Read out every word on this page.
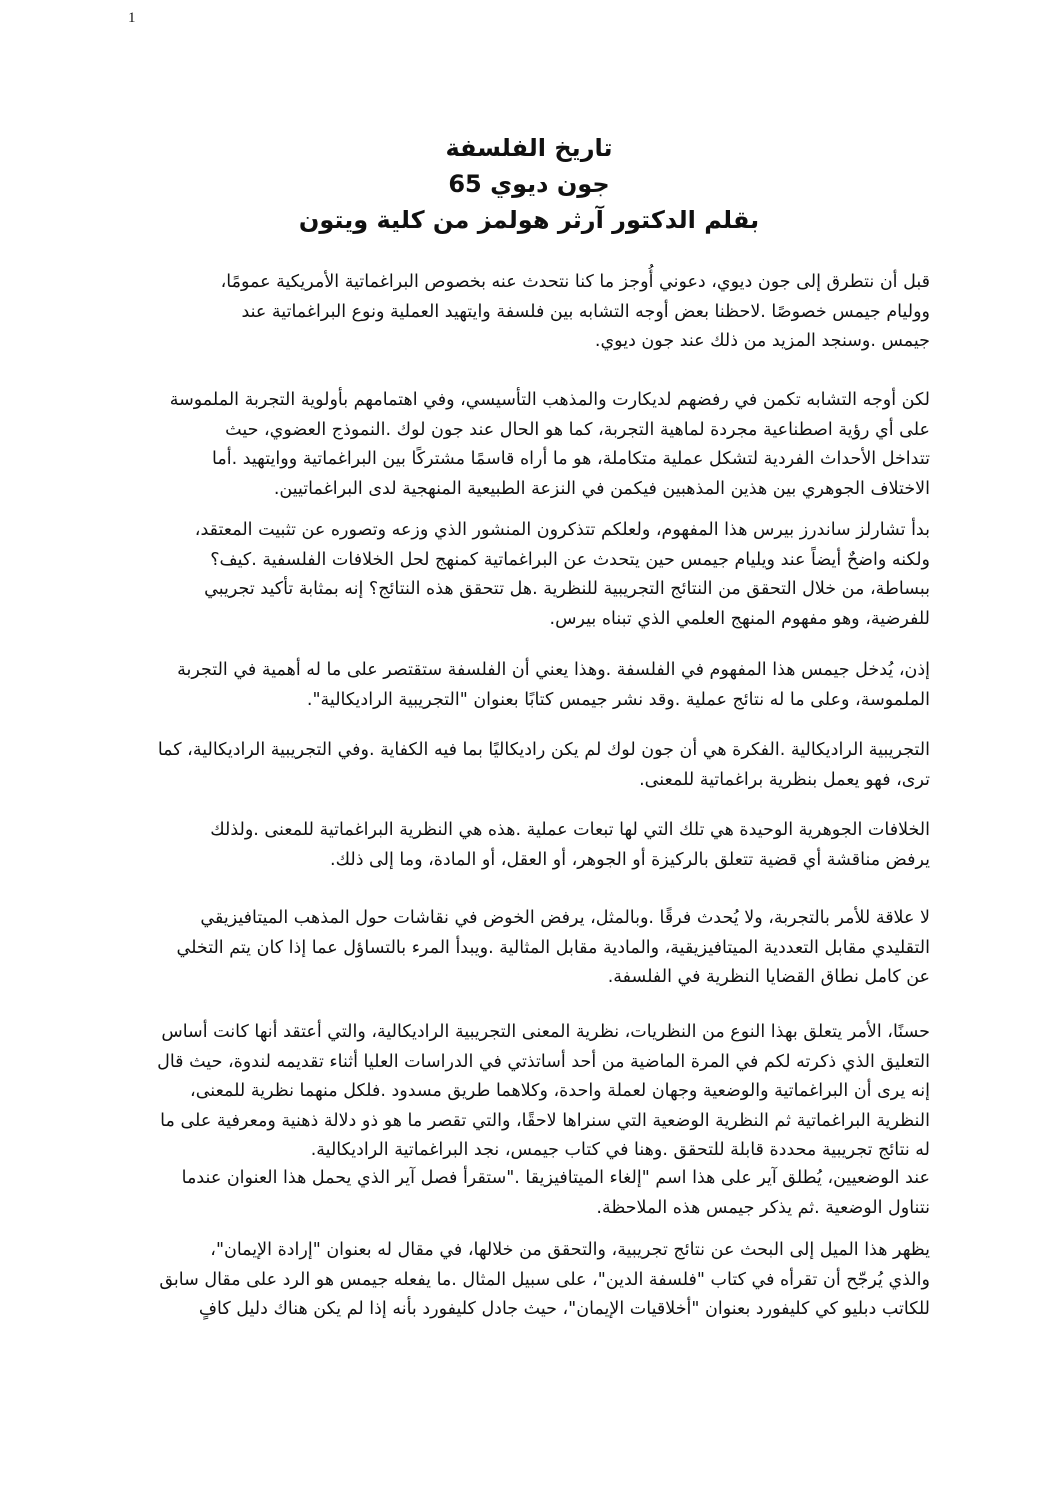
1
تاريخ الفلسفة
جون ديوي 65
بقلم الدكتور آرثر هولمز من كلية ويتون
،قبل أن نتطرق إلى جون ديوي، دعوني أُوجز ما كنا نتحدث عنه بخصوص البراغماتية الأمريكية عمومًا
ووليام جيمس خصوصًا .لاحظنا بعض أوجه التشابه بين فلسفة وايتهيد العملية ونوع البراغماتية عند
.جيمس .وسنجد المزيد من ذلك عند جون ديوي
لكن أوجه التشابه تكمن في رفضهم لديكارت والمذهب التأسيسي، وفي اهتمامهم بأولوية التجربة الملموسة
على أي رؤية اصطناعية مجردة لماهية التجربة، كما هو الحال عند جون لوك .النموذج العضوي، حيث
تتداخل الأحداث الفردية لتشكل عملية متكاملة، هو ما أراه قاسمًا مشتركًا بين البراغماتية ووايتهيد .أما
.الاختلاف الجوهري بين هذين المذهبين فيكمن في النزعة الطبيعية المنهجية لدى البراغماتيين
،بدأ تشارلز ساندرز بيرس هذا المفهوم، ولعلكم تتذكرون المنشور الذي وزعه وتصوره عن تثبيت المعتقد
ولكنه واضحٌ أيضاً عند ويليام جيمس حين يتحدث عن البراغماتية كمنهج لحل الخلافات الفلسفية .كيف؟
ببساطة، من خلال التحقق من النتائج التجريبية للنظرية .هل تتحقق هذه النتائج؟ إنه بمثابة تأكيد تجريبي
.للفرضية، وهو مفهوم المنهج العلمي الذي تبناه بيرس
إذن، يُدخل جيمس هذا المفهوم في الفلسفة .وهذا يعني أن الفلسفة ستقتصر على ما له أهمية في التجربة
."الملموسة، وعلى ما له نتائج عملية .وقد نشر جيمس كتابًا بعنوان "التجريبية الراديكالية
التجريبية الراديكالية .الفكرة هي أن جون لوك لم يكن راديكاليًا بما فيه الكفاية .وفي التجريبية الراديكالية، كما
.ترى، فهو يعمل بنظرية براغماتية للمعنى
الخلافات الجوهرية الوحيدة هي تلك التي لها تبعات عملية .هذه هي النظرية البراغماتية للمعنى .ولذلك
.يرفض مناقشة أي قضية تتعلق بالركيزة أو الجوهر، أو العقل، أو المادة، وما إلى ذلك
لا علاقة للأمر بالتجربة، ولا يُحدث فرقًا .وبالمثل، يرفض الخوض في نقاشات حول المذهب الميتافيزيقي
التقليدي مقابل التعددية الميتافيزيقية، والمادية مقابل المثالية .ويبدأ المرء بالتساؤل عما إذا كان يتم التخلي
.عن كامل نطاق القضايا النظرية في الفلسفة
حسنًا، الأمر يتعلق بهذا النوع من النظريات، نظرية المعنى التجريبية الراديكالية، والتي أعتقد أنها كانت أساس
التعليق الذي ذكرته لكم في المرة الماضية من أحد أساتذتي في الدراسات العليا أثناء تقديمه لندوة، حيث قال
،إنه يرى أن البراغماتية والوضعية وجهان لعملة واحدة، وكلاهما طريق مسدود .فلكل منهما نظرية للمعنى
النظرية البراغماتية ثم النظرية الوضعية التي سنراها لاحقًا، والتي تقصر ما هو ذو دلالة ذهنية ومعرفية على ما
.له نتائج تجريبية محددة قابلة للتحقق .وهنا في كتاب جيمس، نجد البراغماتية الراديكالية
عند الوضعيين، يُطلق آير على هذا اسم "إلغاء الميتافيزيقا ."ستقرأ فصل آير الذي يحمل هذا العنوان عندما
.نتناول الوضعية .ثم يذكر جيمس هذه الملاحظة
،"يظهر هذا الميل إلى البحث عن نتائج تجريبية، والتحقق من خلالها، في مقال له بعنوان "إرادة الإيمان
والذي يُرجّح أن تقرأه في كتاب "فلسفة الدين"، على سبيل المثال .ما يفعله جيمس هو الرد على مقال سابق
للكاتب دبليو كي كليفورد بعنوان "أخلاقيات الإيمان"، حيث جادل كليفورد بأنه إذا لم يكن هناك دليل كافٍ
